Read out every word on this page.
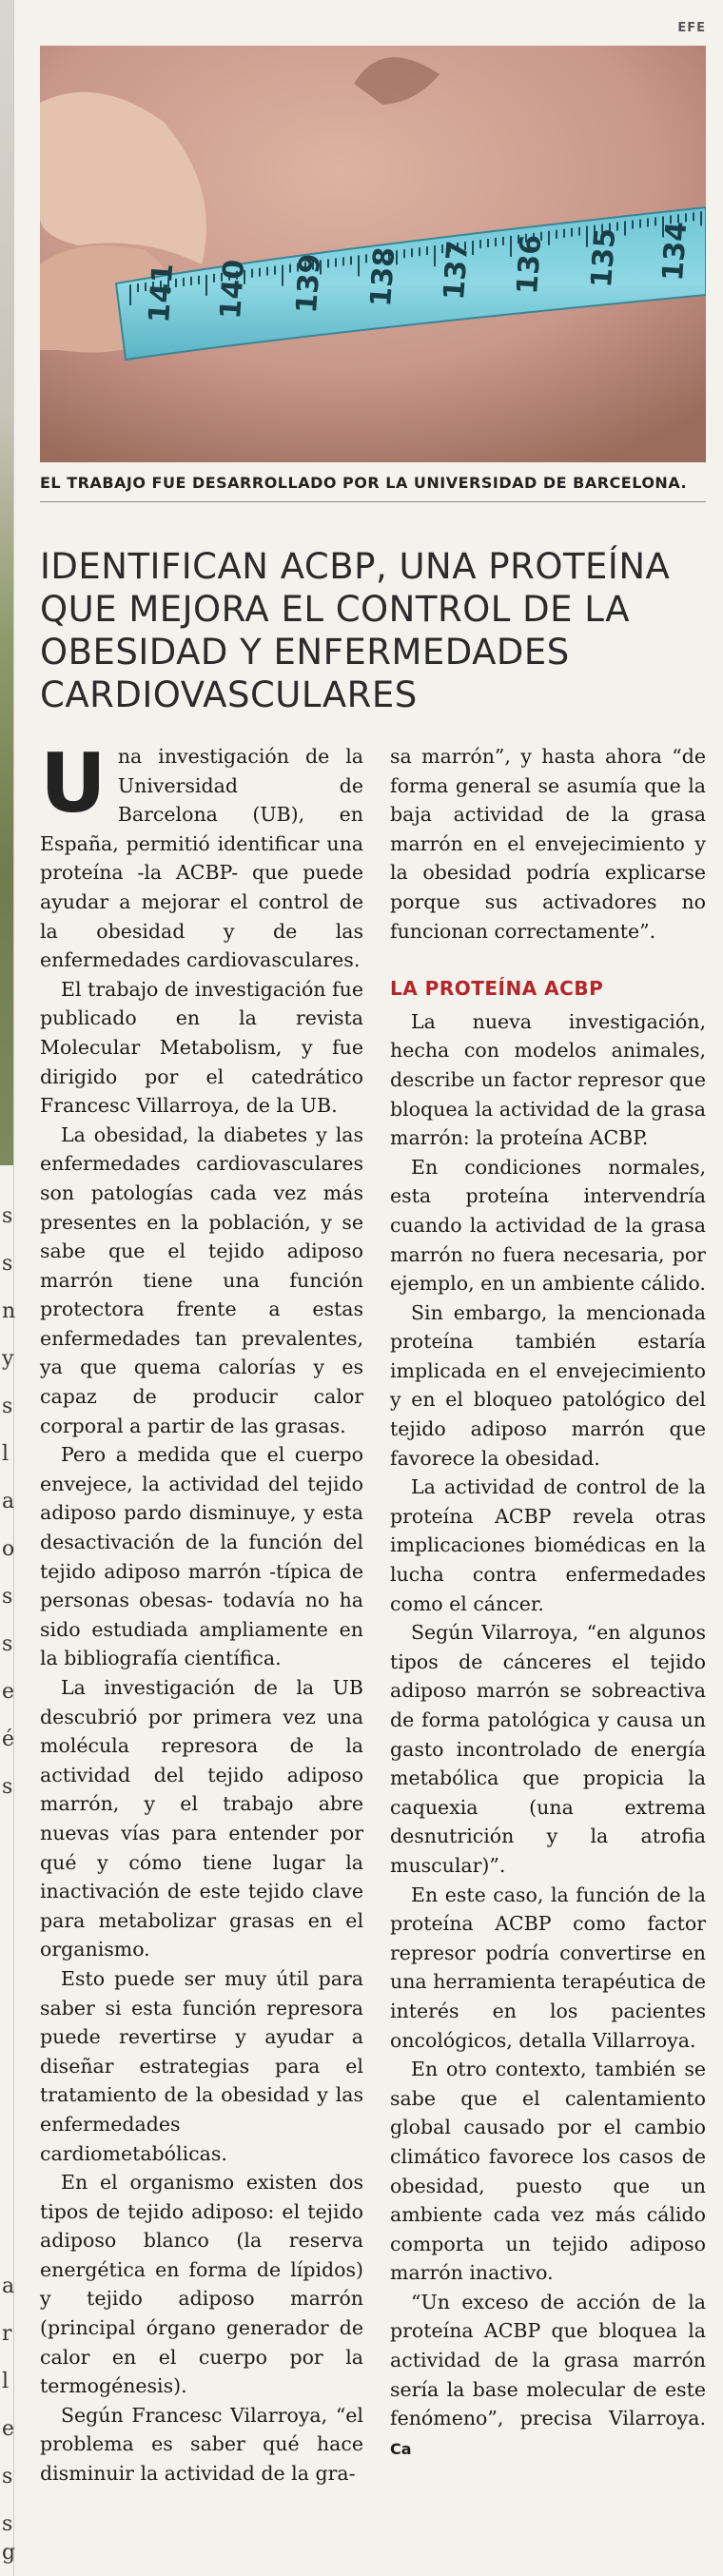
s
s
n
y
s
l
a
o
s
s
e
é
s
a
r
l
e
s
s
g
EFE
141 140 139 138 137 136 135 134
EL TRABAJO FUE DESARROLLADO POR LA UNIVERSIDAD DE BARCELONA.
IDENTIFICAN ACBP, UNA PROTEÍNA QUE MEJORA EL CONTROL DE LA OBESIDAD Y ENFERMEDADES CARDIOVASCULARES

Una investigación de la Universidad de Barcelona (UB), en España, permitió identificar una proteína -la ACBP- que puede ayudar a mejorar el control de la obesidad y de las enfermedades cardiovasculares.

El trabajo de investigación fue publicado en la revista Molecular Metabolism, y fue dirigido por el catedrático Francesc Villarroya, de la UB.

La obesidad, la diabetes y las enfermedades cardiovasculares son patologías cada vez más presentes en la población, y se sabe que el tejido adiposo marrón tiene una función protectora frente a estas enfermedades tan prevalentes, ya que quema calorías y es capaz de producir calor corporal a partir de las grasas.

Pero a medida que el cuerpo envejece, la actividad del tejido adiposo pardo disminuye, y esta desactivación de la función del tejido adiposo marrón -típica de personas obesas- todavía no ha sido estudiada ampliamente en la bibliografía científica.

La investigación de la UB descubrió por primera vez una molécula represora de la actividad del tejido adiposo marrón, y el trabajo abre nuevas vías para entender por qué y cómo tiene lugar la inactivación de este tejido clave para metabolizar grasas en el organismo.

Esto puede ser muy útil para saber si esta función represora puede revertirse y ayudar a diseñar estrategias para el tratamiento de la obesidad y las enfermedades cardiometabólicas.

En el organismo existen dos tipos de tejido adiposo: el tejido adiposo blanco (la reserva energética en forma de lípidos) y tejido adiposo marrón (principal órgano generador de calor en el cuerpo por la termogénesis).

Según Francesc Vilarroya, “el problema es saber qué hace disminuir la actividad de la gra-

sa marrón”, y hasta ahora “de forma general se asumía que la baja actividad de la grasa marrón en el envejecimiento y la obesidad podría explicarse porque sus activadores no funcionan correctamente”.

LA PROTEÍNA ACBP

La nueva investigación, hecha con modelos animales, describe un factor represor que bloquea la actividad de la grasa marrón: la proteína ACBP.

En condiciones normales, esta proteína intervendría cuando la actividad de la grasa marrón no fuera necesaria, por ejemplo, en un ambiente cálido.

Sin embargo, la mencionada proteína también estaría implicada en el envejecimiento y en el bloqueo patológico del tejido adiposo marrón que favorece la obesidad.

La actividad de control de la proteína ACBP revela otras implicaciones biomédicas en la lucha contra enfermedades como el cáncer.

Según Vilarroya, “en algunos tipos de cánceres el tejido adiposo marrón se sobreactiva de forma patológica y causa un gasto incontrolado de energía metabólica que propicia la caquexia (una extrema desnutrición y la atrofia muscular)”.

En este caso, la función de la proteína ACBP como factor represor podría convertirse en una herramienta terapéutica de interés en los pacientes oncológicos, detalla Villarroya.

En otro contexto, también se sabe que el calentamiento global causado por el cambio climático favorece los casos de obesidad, puesto que un ambiente cada vez más cálido comporta un tejido adiposo marrón inactivo.

“Un exceso de acción de la proteína ACBP que bloquea la actividad de la grasa marrón sería la base molecular de este fenómeno”, precisa Vilarroya. Ca
